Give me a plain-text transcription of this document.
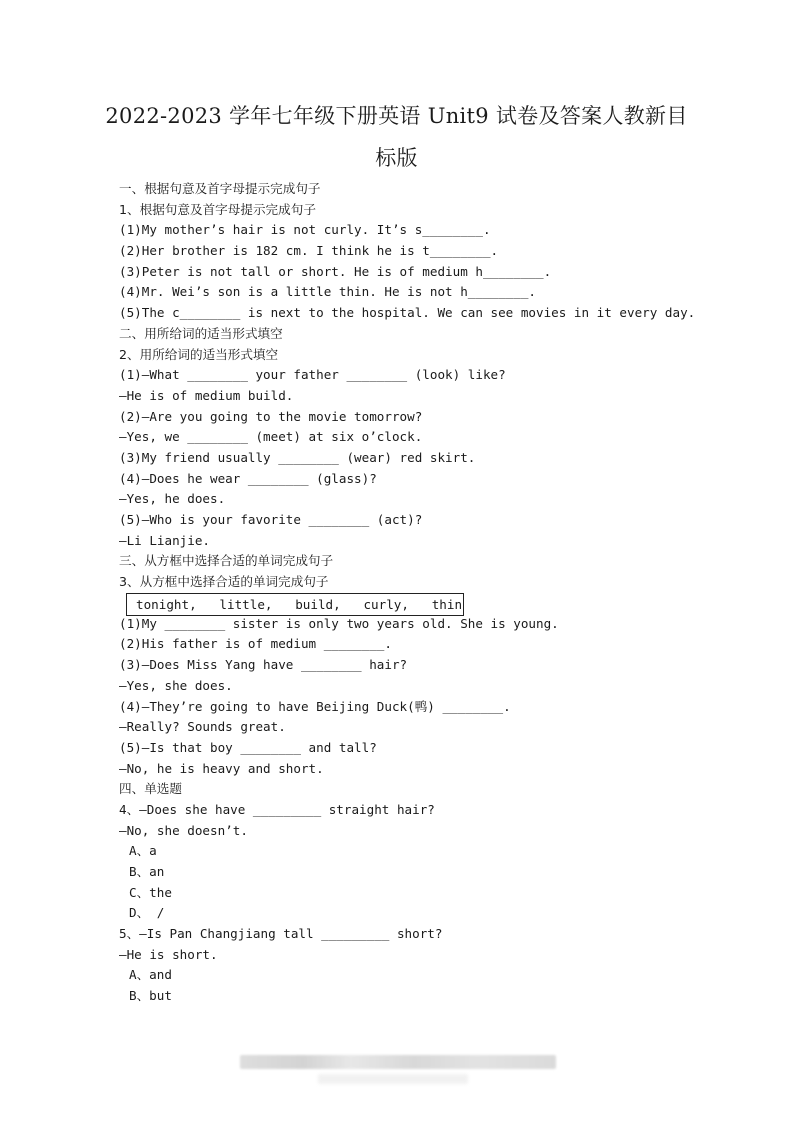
2022-2023 学年七年级下册英语 Unit9 试卷及答案人教新目
标版
一、根据句意及首字母提示完成句子
1、根据句意及首字母提示完成句子
(1)My mother’s hair is not curly. It’s s________.
(2)Her brother is 182 cm. I think he is t________.
(3)Peter is not tall or short. He is of medium h________.
(4)Mr. Wei’s son is a little thin. He is not h________.
(5)The c________ is next to the hospital. We can see movies in it every day.
二、用所给词的适当形式填空
2、用所给词的适当形式填空
(1)—What ________ your father ________ (look) like?
—He is of medium build.
(2)—Are you going to the movie tomorrow?
—Yes, we ________ (meet) at six o’clock.
(3)My friend usually ________ (wear) red skirt.
(4)—Does he wear ________ (glass)?
—Yes, he does.
(5)—Who is your favorite ________ (act)?
—Li Lianjie.
三、从方框中选择合适的单词完成句子
3、从方框中选择合适的单词完成句子
tonight,   little,   build,   curly,   thin
(1)My ________ sister is only two years old. She is young.
(2)His father is of medium ________.
(3)—Does Miss Yang have ________ hair?
—Yes, she does.
(4)—They’re going to have Beijing Duck(鸭) ________.
—Really? Sounds great.
(5)—Is that boy ________ and tall?
—No, he is heavy and short.
四、单选题
4、—Does she have _________ straight hair?
—No, she doesn’t.
A、a
B、an
C、the
D、 /
5、—Is Pan Changjiang tall _________ short?
—He is short.
A、and
B、but
